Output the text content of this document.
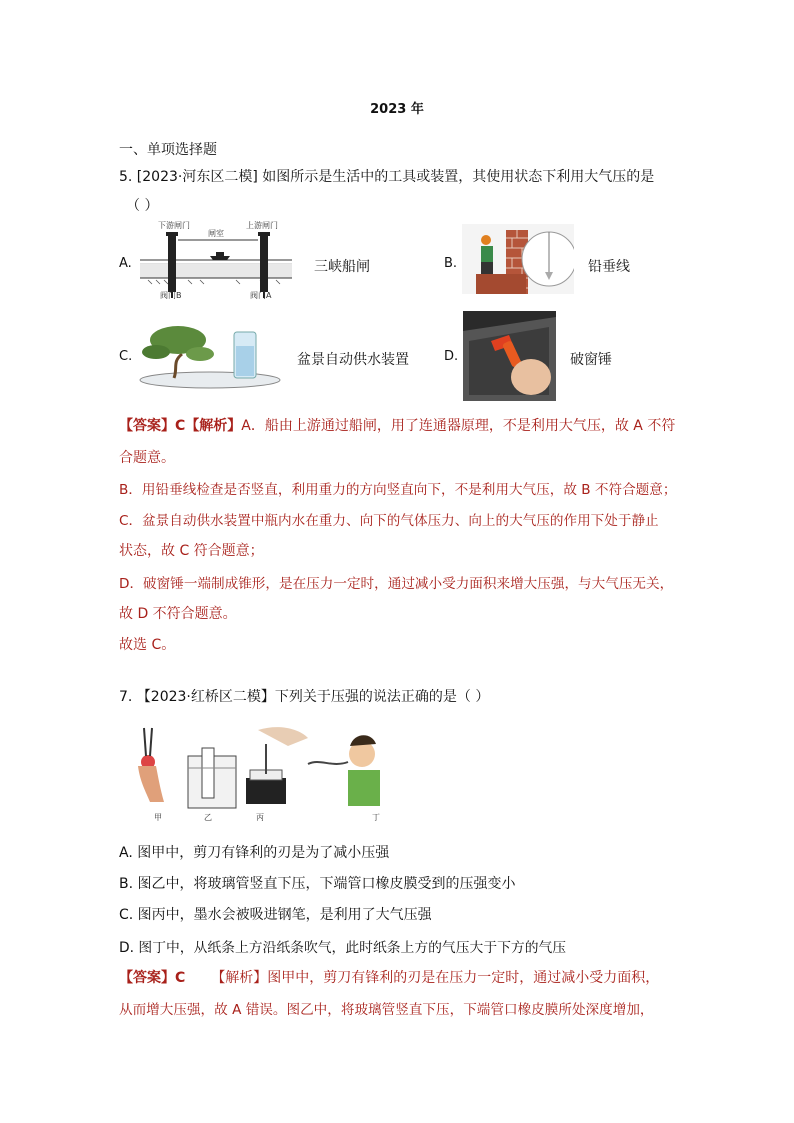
2023 年
一、单项选择题
5. [2023·河东区二模] 如图所示是生活中的工具或装置，其使用状态下利用大气压的是
（ ）
A.
下游闸门
闸室
上游闸门
阀门B	阀门A
三峡船闸	B.	铅垂线
C.	盆景自动供水装置	D.	破窗锤
【答案】C【解析】A．船由上游通过船闸，用了连通器原理，不是利用大气压，故 A 不符
合题意。
B．用铅垂线检查是否竖直，利用重力的方向竖直向下，不是利用大气压，故 B 不符合题意；
C．盆景自动供水装置中瓶内水在重力、向下的气体压力、向上的大气压的作用下处于静止
状态，故 C 符合题意；
D．破窗锤一端制成锥形，是在压力一定时，通过减小受力面积来增大压强，与大气压无关，
故 D 不符合题意。
故选 C。
7. 【2023·红桥区二模】下列关于压强的说法正确的是（ ）
甲	乙	丙	丁
A. 图甲中，剪刀有锋利的刃是为了减小压强
B. 图乙中，将玻璃管竖直下压，下端管口橡皮膜受到的压强变小
C. 图丙中，墨水会被吸进钢笔，是利用了大气压强
D. 图丁中，从纸条上方沿纸条吹气，此时纸条上方的气压大于下方的气压
【答案】C 【解析】图甲中，剪刀有锋利的刃是在压力一定时，通过减小受力面积，
从而增大压强，故 A 错误。图乙中，将玻璃管竖直下压，下端管口橡皮膜所处深度增加，
